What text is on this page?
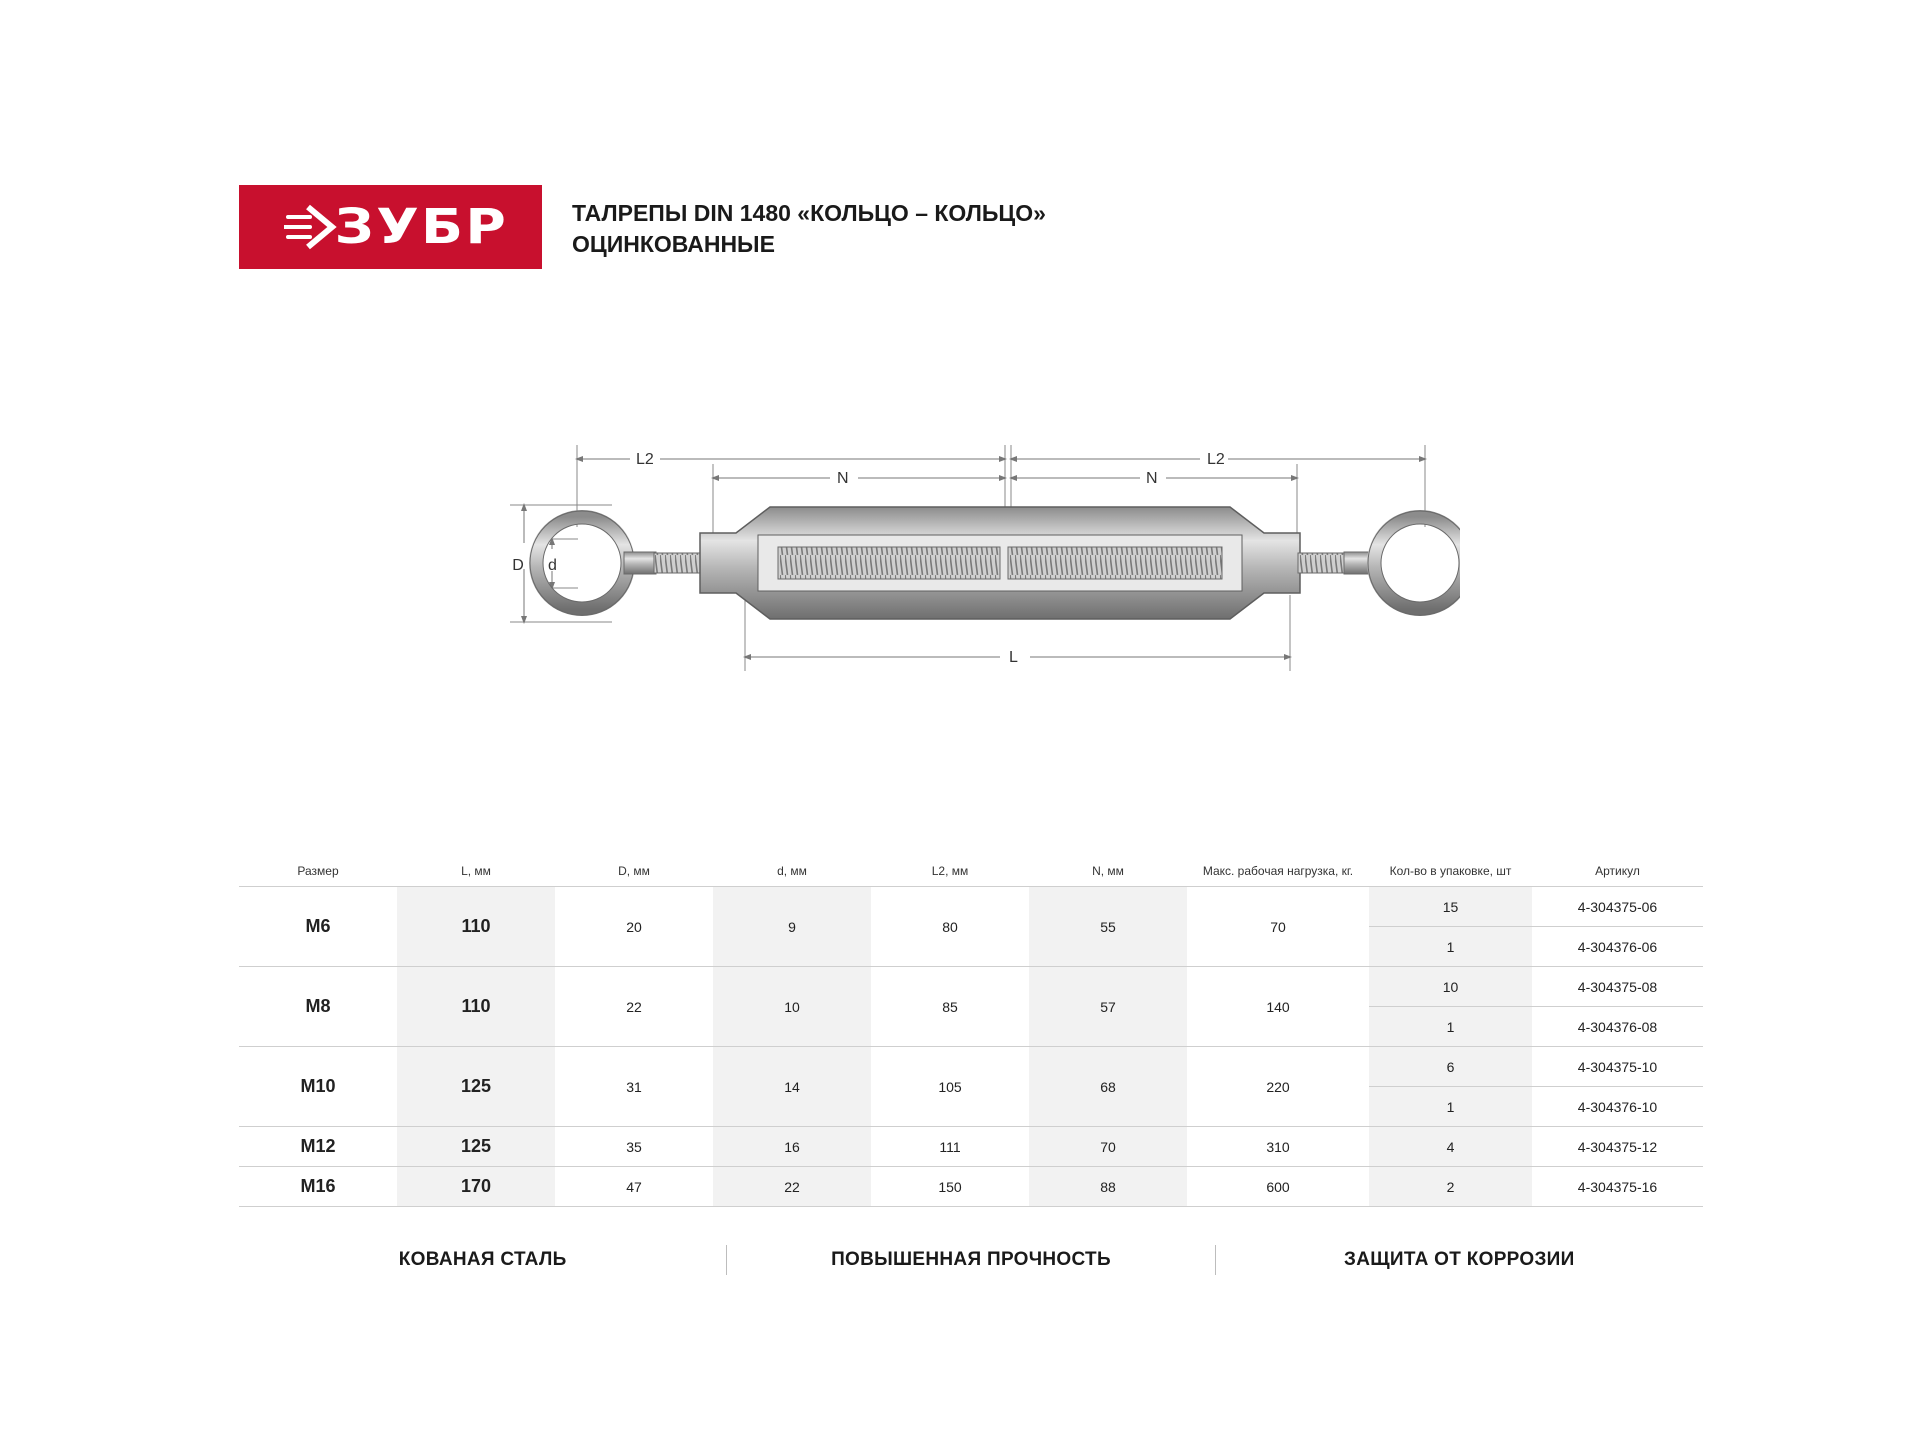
ЗУБР	ТАЛРЕПЫ DIN 1480 «КОЛЬЦО – КОЛЬЦО»
ОЦИНКОВАННЫЕ
L2
N	N
L2
D d
L
Размер	L, мм	D, мм	d, мм	L2, мм	N, мм	Макс. рабочая нагрузка, кг.	Кол-во в упаковке, шт	Артикул
M6	110	20	9	80	55	70	15	4-304375-06
							1	4-304376-06
M8	110	22	10	85	57	140	10	4-304375-08
							1	4-304376-08
M10	125	31	14	105	68	220	6	4-304375-10
							1	4-304376-10
M12	125	35	16	111	70	310	4	4-304375-12
M16	170	47	22	150	88	600	2	4-304375-16
КОВАНАЯ СТАЛЬ	ПОВЫШЕННАЯ ПРОЧНОСТЬ	ЗАЩИТА ОТ КОРРОЗИИ
